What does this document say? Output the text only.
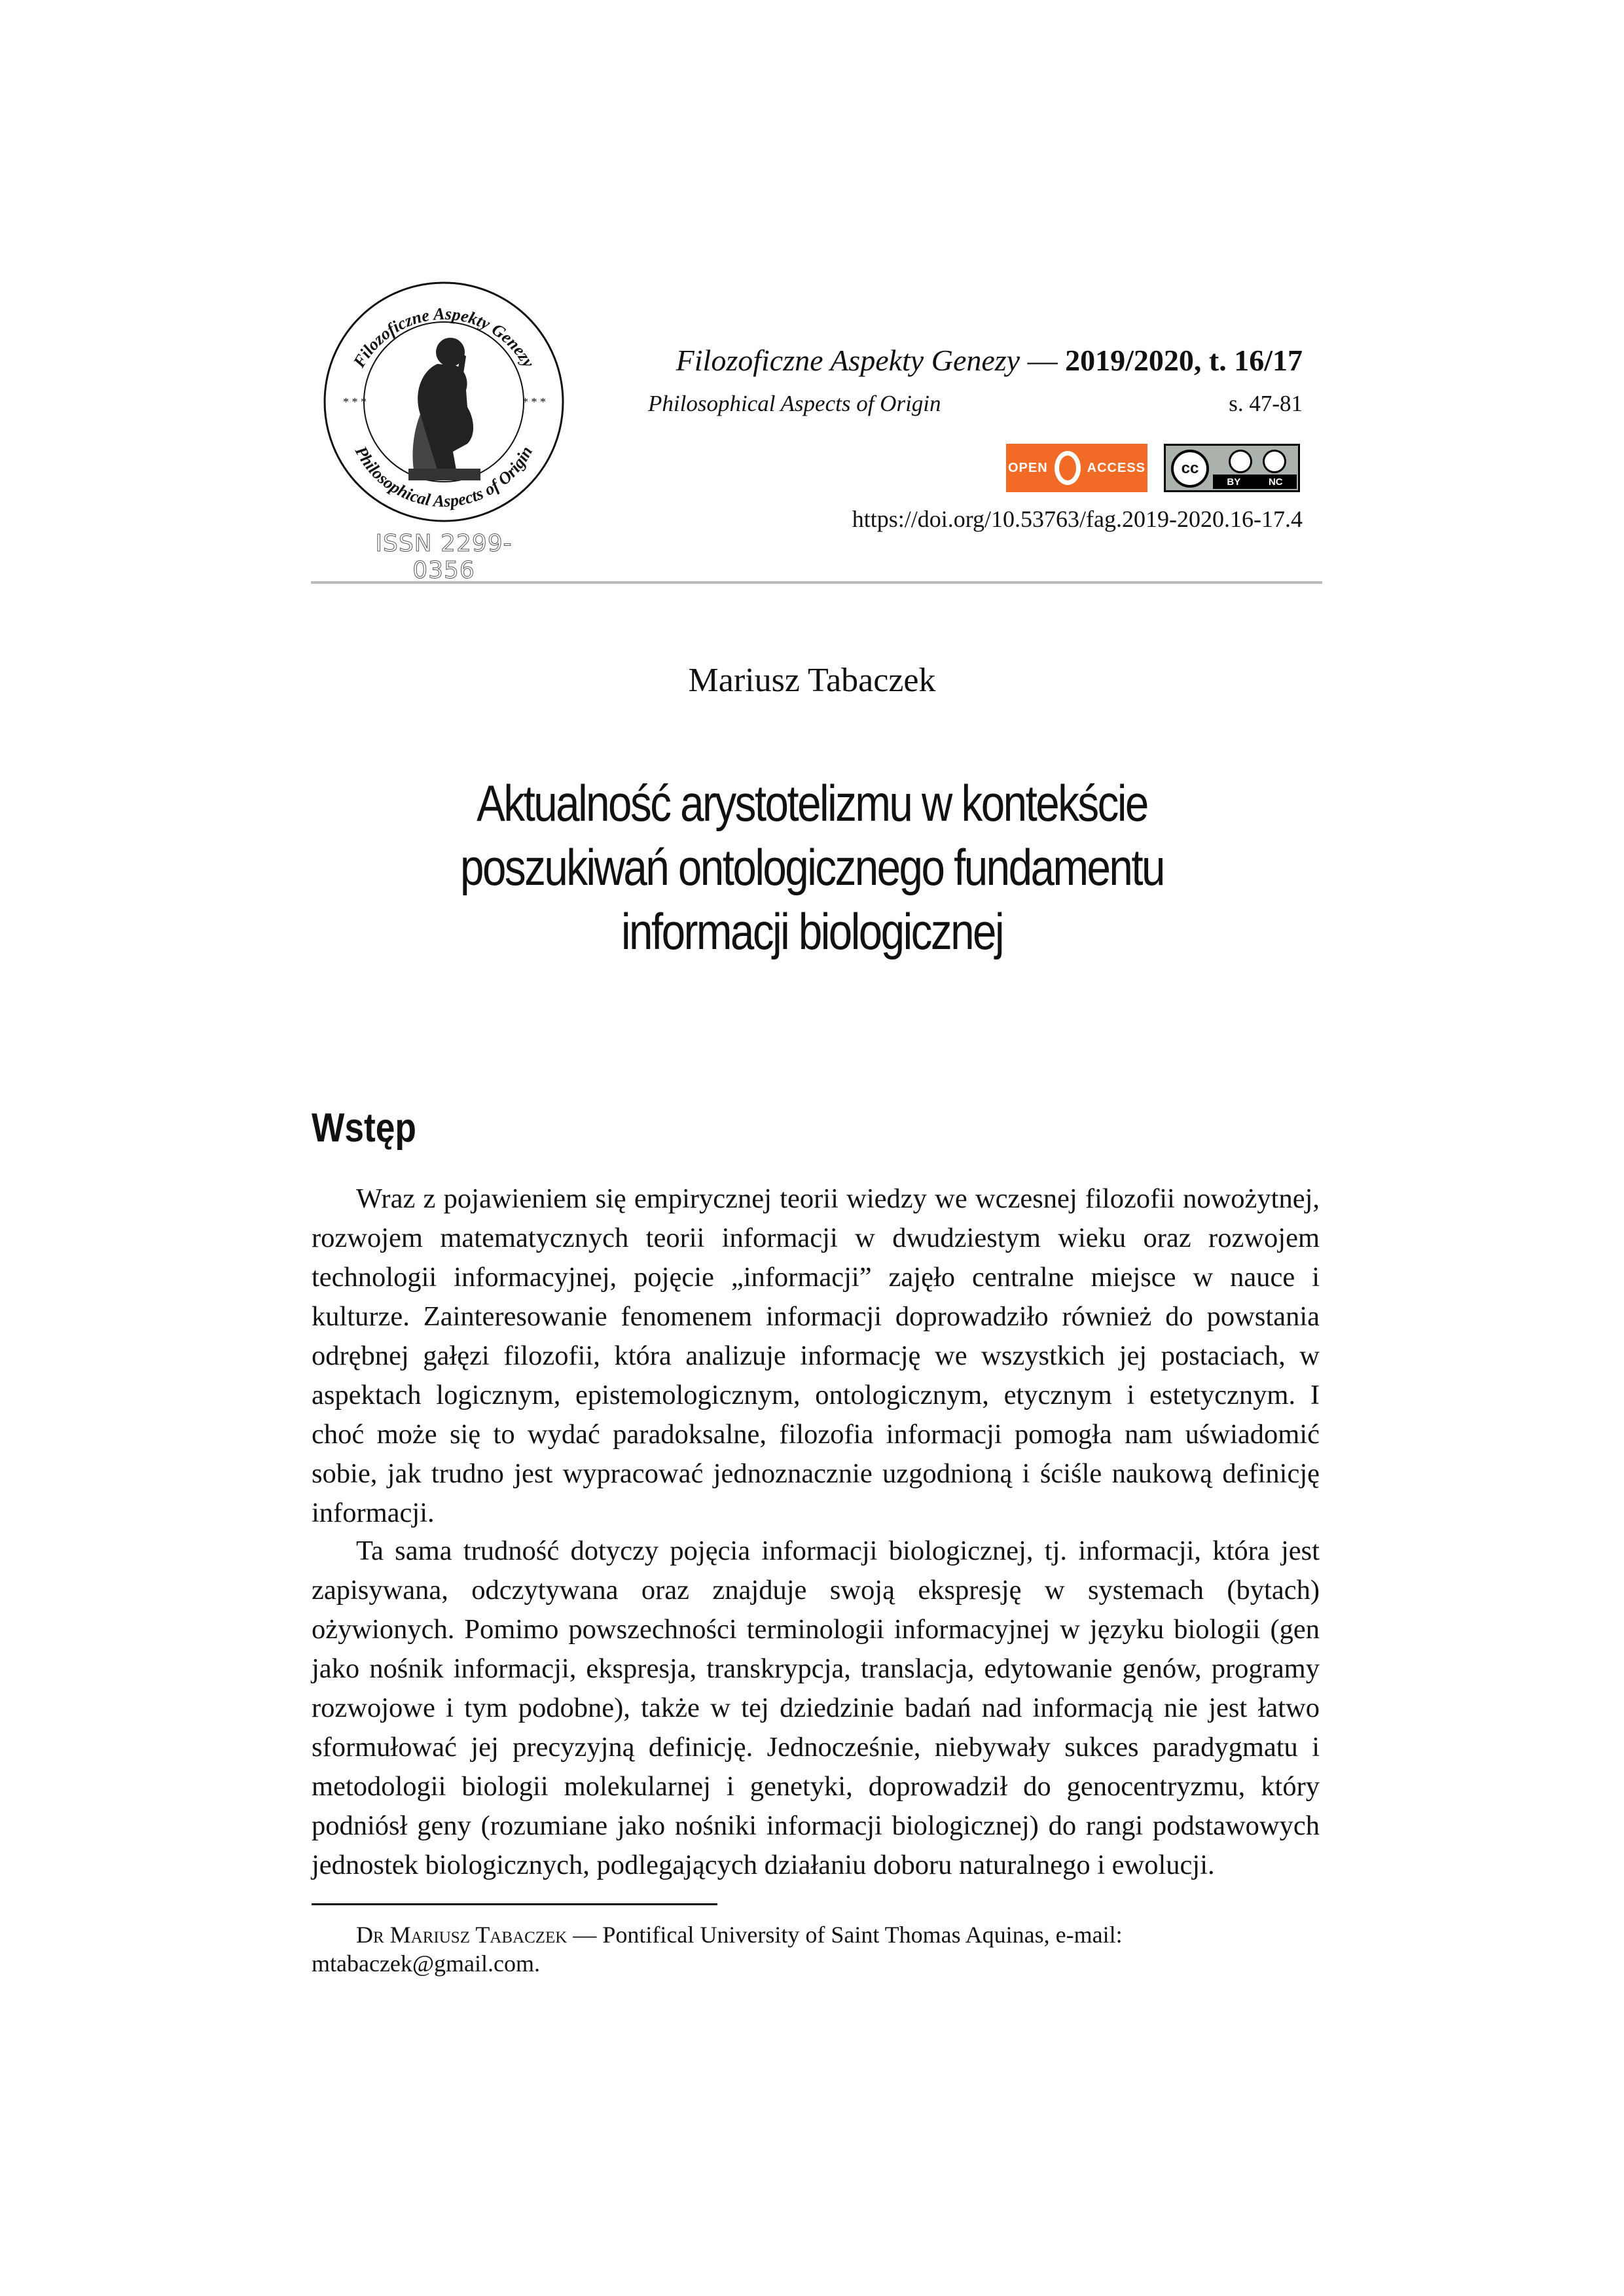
Filozoficzne Aspekty Genezy
Philosophical Aspects of Origin
* * *	* * *
ISSN 2299-0356
Filozoficzne Aspekty Genezy — 2019/2020, t. 16/17
Philosophical Aspects of Origin	s. 47-81
OPEN	ACCESS	cc
BY	NC
https://doi.org/10.53763/fag.2019-2020.16-17.4
Mariusz Tabaczek
Aktualność arystotelizmu w kontekście
poszukiwań ontologicznego fundamentu
informacji biologicznej
Wstęp

Wraz z pojawieniem się empirycznej teorii wiedzy we wczesnej filozofii nowożytnej, rozwojem matematycznych teorii informacji w dwudziestym wieku oraz rozwojem technologii informacyjnej, pojęcie „informacji” zajęło centralne miejsce w nauce i kulturze. Zainteresowanie fenomenem informacji doprowadziło również do powstania odrębnej gałęzi filozofii, która analizuje informację we wszystkich jej postaciach, w aspektach logicznym, epistemologicznym, ontologicznym, etycznym i estetycznym. I choć może się to wydać paradoksalne, filozofia informacji pomogła nam uświadomić sobie, jak trudno jest wypracować jednoznacznie uzgodnioną i ściśle naukową definicję informacji.

Ta sama trudność dotyczy pojęcia informacji biologicznej, tj. informacji, która jest zapisywana, odczytywana oraz znajduje swoją ekspresję w systemach (bytach) ożywionych. Pomimo powszechności terminologii informacyjnej w języku biologii (gen jako nośnik informacji, ekspresja, transkrypcja, translacja, edytowanie genów, programy rozwojowe i tym podobne), także w tej dziedzinie badań nad informacją nie jest łatwo sformułować jej precyzyjną definicję. Jednocześnie, niebywały sukces paradygmatu i metodologii biologii molekularnej i genetyki, doprowadził do genocentryzmu, który podniósł geny (rozumiane jako nośniki informacji biologicznej) do rangi podstawowych jednostek biologicznych, podlegających działaniu doboru naturalnego i ewolucji.

Dr Mariusz Tabaczek — Pontifical University of Saint Thomas Aquinas, e-mail: mtabaczek@gmail.com.
